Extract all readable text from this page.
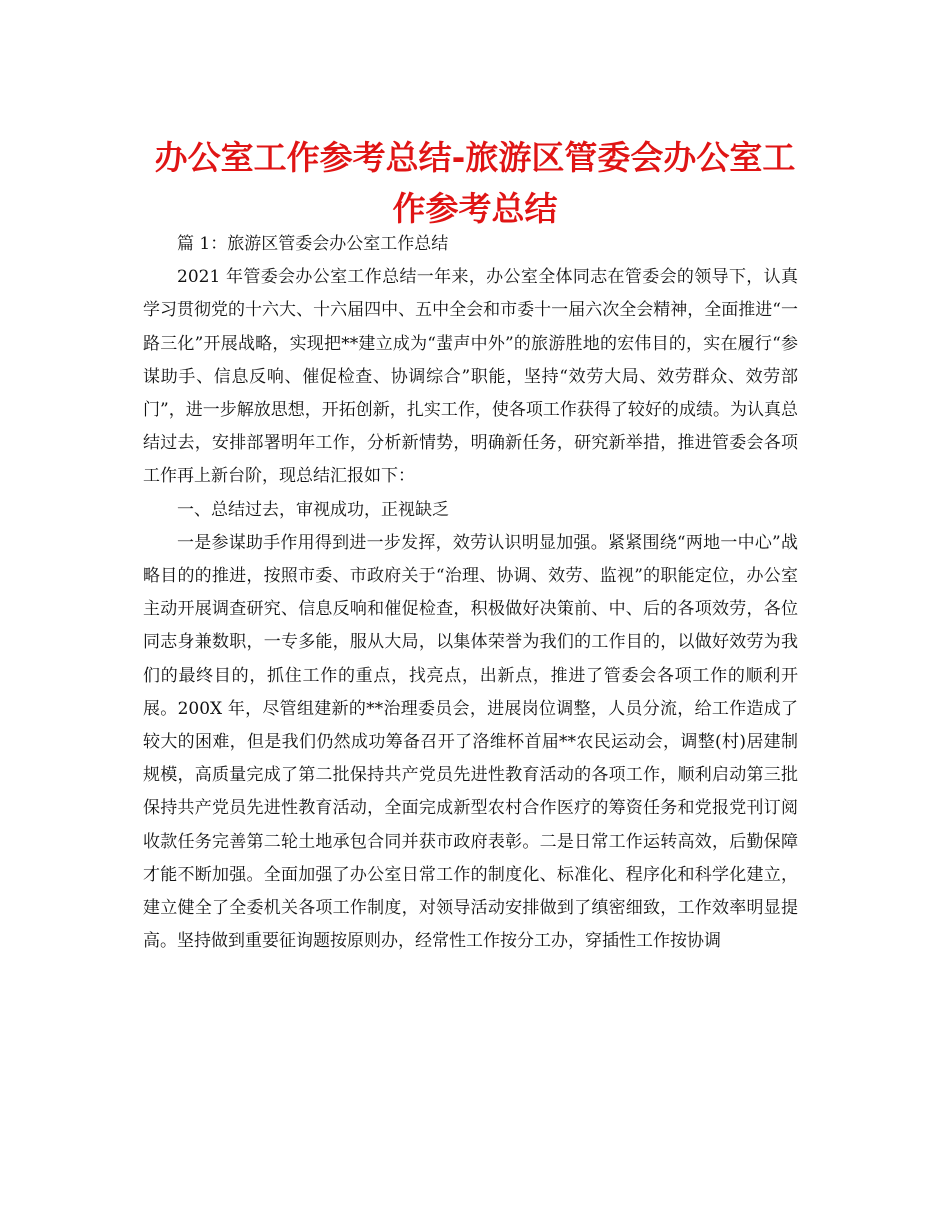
办公室工作参考总结-旅游区管委会办公室工作参考总结

篇 1：旅游区管委会办公室工作总结

2021 年管委会办公室工作总结一年来，办公室全体同志在管委会的领导下，认真学习贯彻党的十六大、十六届四中、五中全会和市委十一届六次全会精神，全面推进“一路三化”开展战略，实现把**建立成为“蜚声中外”的旅游胜地的宏伟目的，实在履行“参谋助手、信息反响、催促检查、协调综合”职能，坚持“效劳大局、效劳群众、效劳部门”，进一步解放思想，开拓创新，扎实工作，使各项工作获得了较好的成绩。为认真总结过去，安排部署明年工作，分析新情势，明确新任务，研究新举措，推进管委会各项工作再上新台阶，现总结汇报如下：

一、总结过去，审视成功，正视缺乏

一是参谋助手作用得到进一步发挥，效劳认识明显加强。紧紧围绕“两地一中心”战略目的的推进，按照市委、市政府关于“治理、协调、效劳、监视”的职能定位，办公室主动开展调查研究、信息反响和催促检查，积极做好决策前、中、后的各项效劳，各位同志身兼数职，一专多能，服从大局，以集体荣誉为我们的工作目的，以做好效劳为我们的最终目的，抓住工作的重点，找亮点，出新点，推进了管委会各项工作的顺利开展。200X 年，尽管组建新的**治理委员会，进展岗位调整，人员分流，给工作造成了较大的困难，但是我们仍然成功筹备召开了洛维杯首届**农民运动会，调整(村)居建制规模，高质量完成了第二批保持共产党员先进性教育活动的各项工作，顺利启动第三批保持共产党员先进性教育活动，全面完成新型农村合作医疗的筹资任务和党报党刊订阅收款任务完善第二轮土地承包合同并获市政府表彰。二是日常工作运转高效，后勤保障才能不断加强。全面加强了办公室日常工作的制度化、标准化、程序化和科学化建立，建立健全了全委机关各项工作制度，对领导活动安排做到了缜密细致，工作效率明显提高。坚持做到重要征询题按原则办，经常性工作按分工办，穿插性工作按协调
